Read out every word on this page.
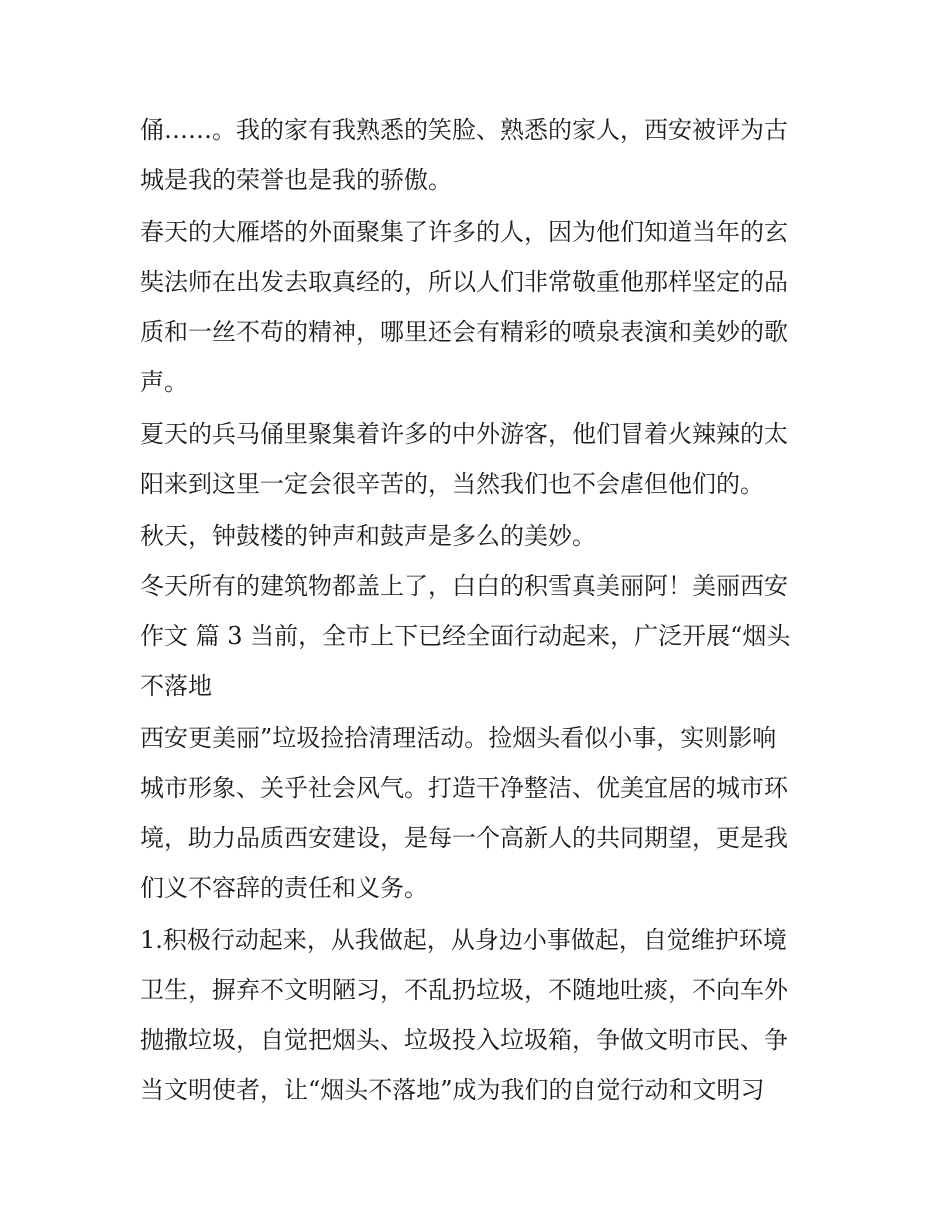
俑……。我的家有我熟悉的笑脸、熟悉的家人，西安被评为古
城是我的荣誉也是我的骄傲。
春天的大雁塔的外面聚集了许多的人，因为他们知道当年的玄
奘法师在出发去取真经的，所以人们非常敬重他那样坚定的品
质和一丝不苟的精神，哪里还会有精彩的喷泉表演和美妙的歌
声。
夏天的兵马俑里聚集着许多的中外游客，他们冒着火辣辣的太
阳来到这里一定会很辛苦的，当然我们也不会虐但他们的。
秋天，钟鼓楼的钟声和鼓声是多么的美妙。
冬天所有的建筑物都盖上了，白白的积雪真美丽阿！美丽西安
作文 篇 3 当前，全市上下已经全面行动起来，广泛开展“烟头
不落地
西安更美丽”垃圾捡拾清理活动。捡烟头看似小事，实则影响
城市形象、关乎社会风气。打造干净整洁、优美宜居的城市环
境，助力品质西安建设，是每一个高新人的共同期望，更是我
们义不容辞的责任和义务。
1.积极行动起来，从我做起，从身边小事做起，自觉维护环境
卫生，摒弃不文明陋习，不乱扔垃圾，不随地吐痰，不向车外
抛撒垃圾，自觉把烟头、垃圾投入垃圾箱，争做文明市民、争
当文明使者，让“烟头不落地”成为我们的自觉行动和文明习
